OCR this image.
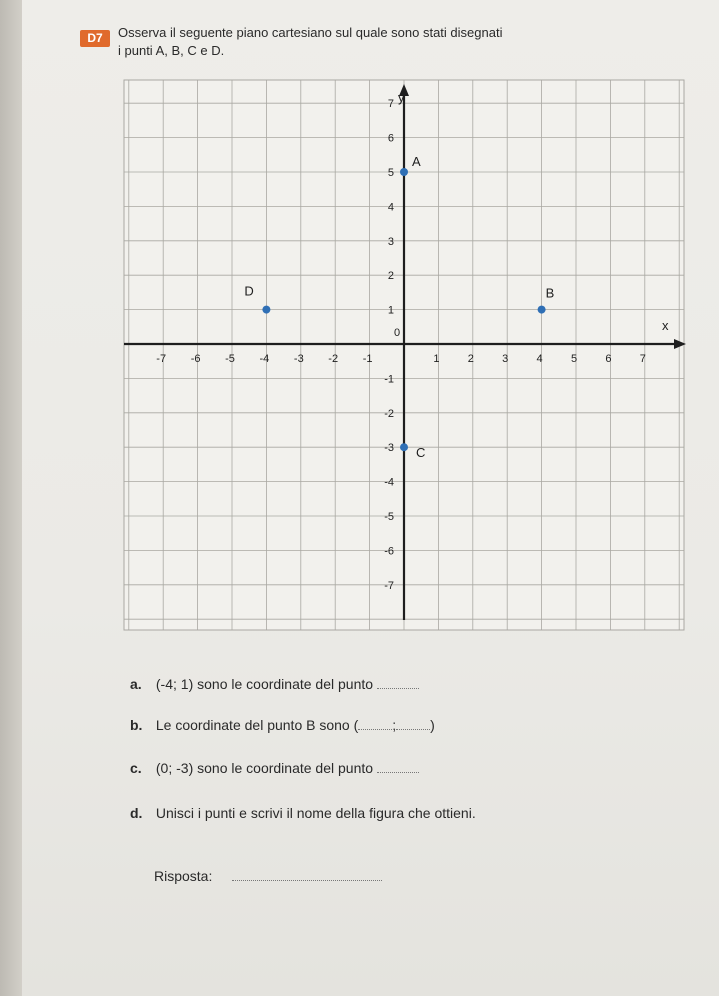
D7	Osserva il seguente piano cartesiano sul quale sono stati disegnati
i punti A, B, C e D.
x
y
-7 -6 -5 -4 -3 -2 -1
0
1	2	3	4	5	6	7
7
6
5
4
3
2
1
-1
-2
-3
-4
-5
-6
-7
A
B
C
D
a. (-4; 1) sono le coordinate del punto
b. Le coordinate del punto B sono ( ; )
c. (0; -3) sono le coordinate del punto
d. Unisci i punti e scrivi il nome della figura che ottieni.
Risposta:
